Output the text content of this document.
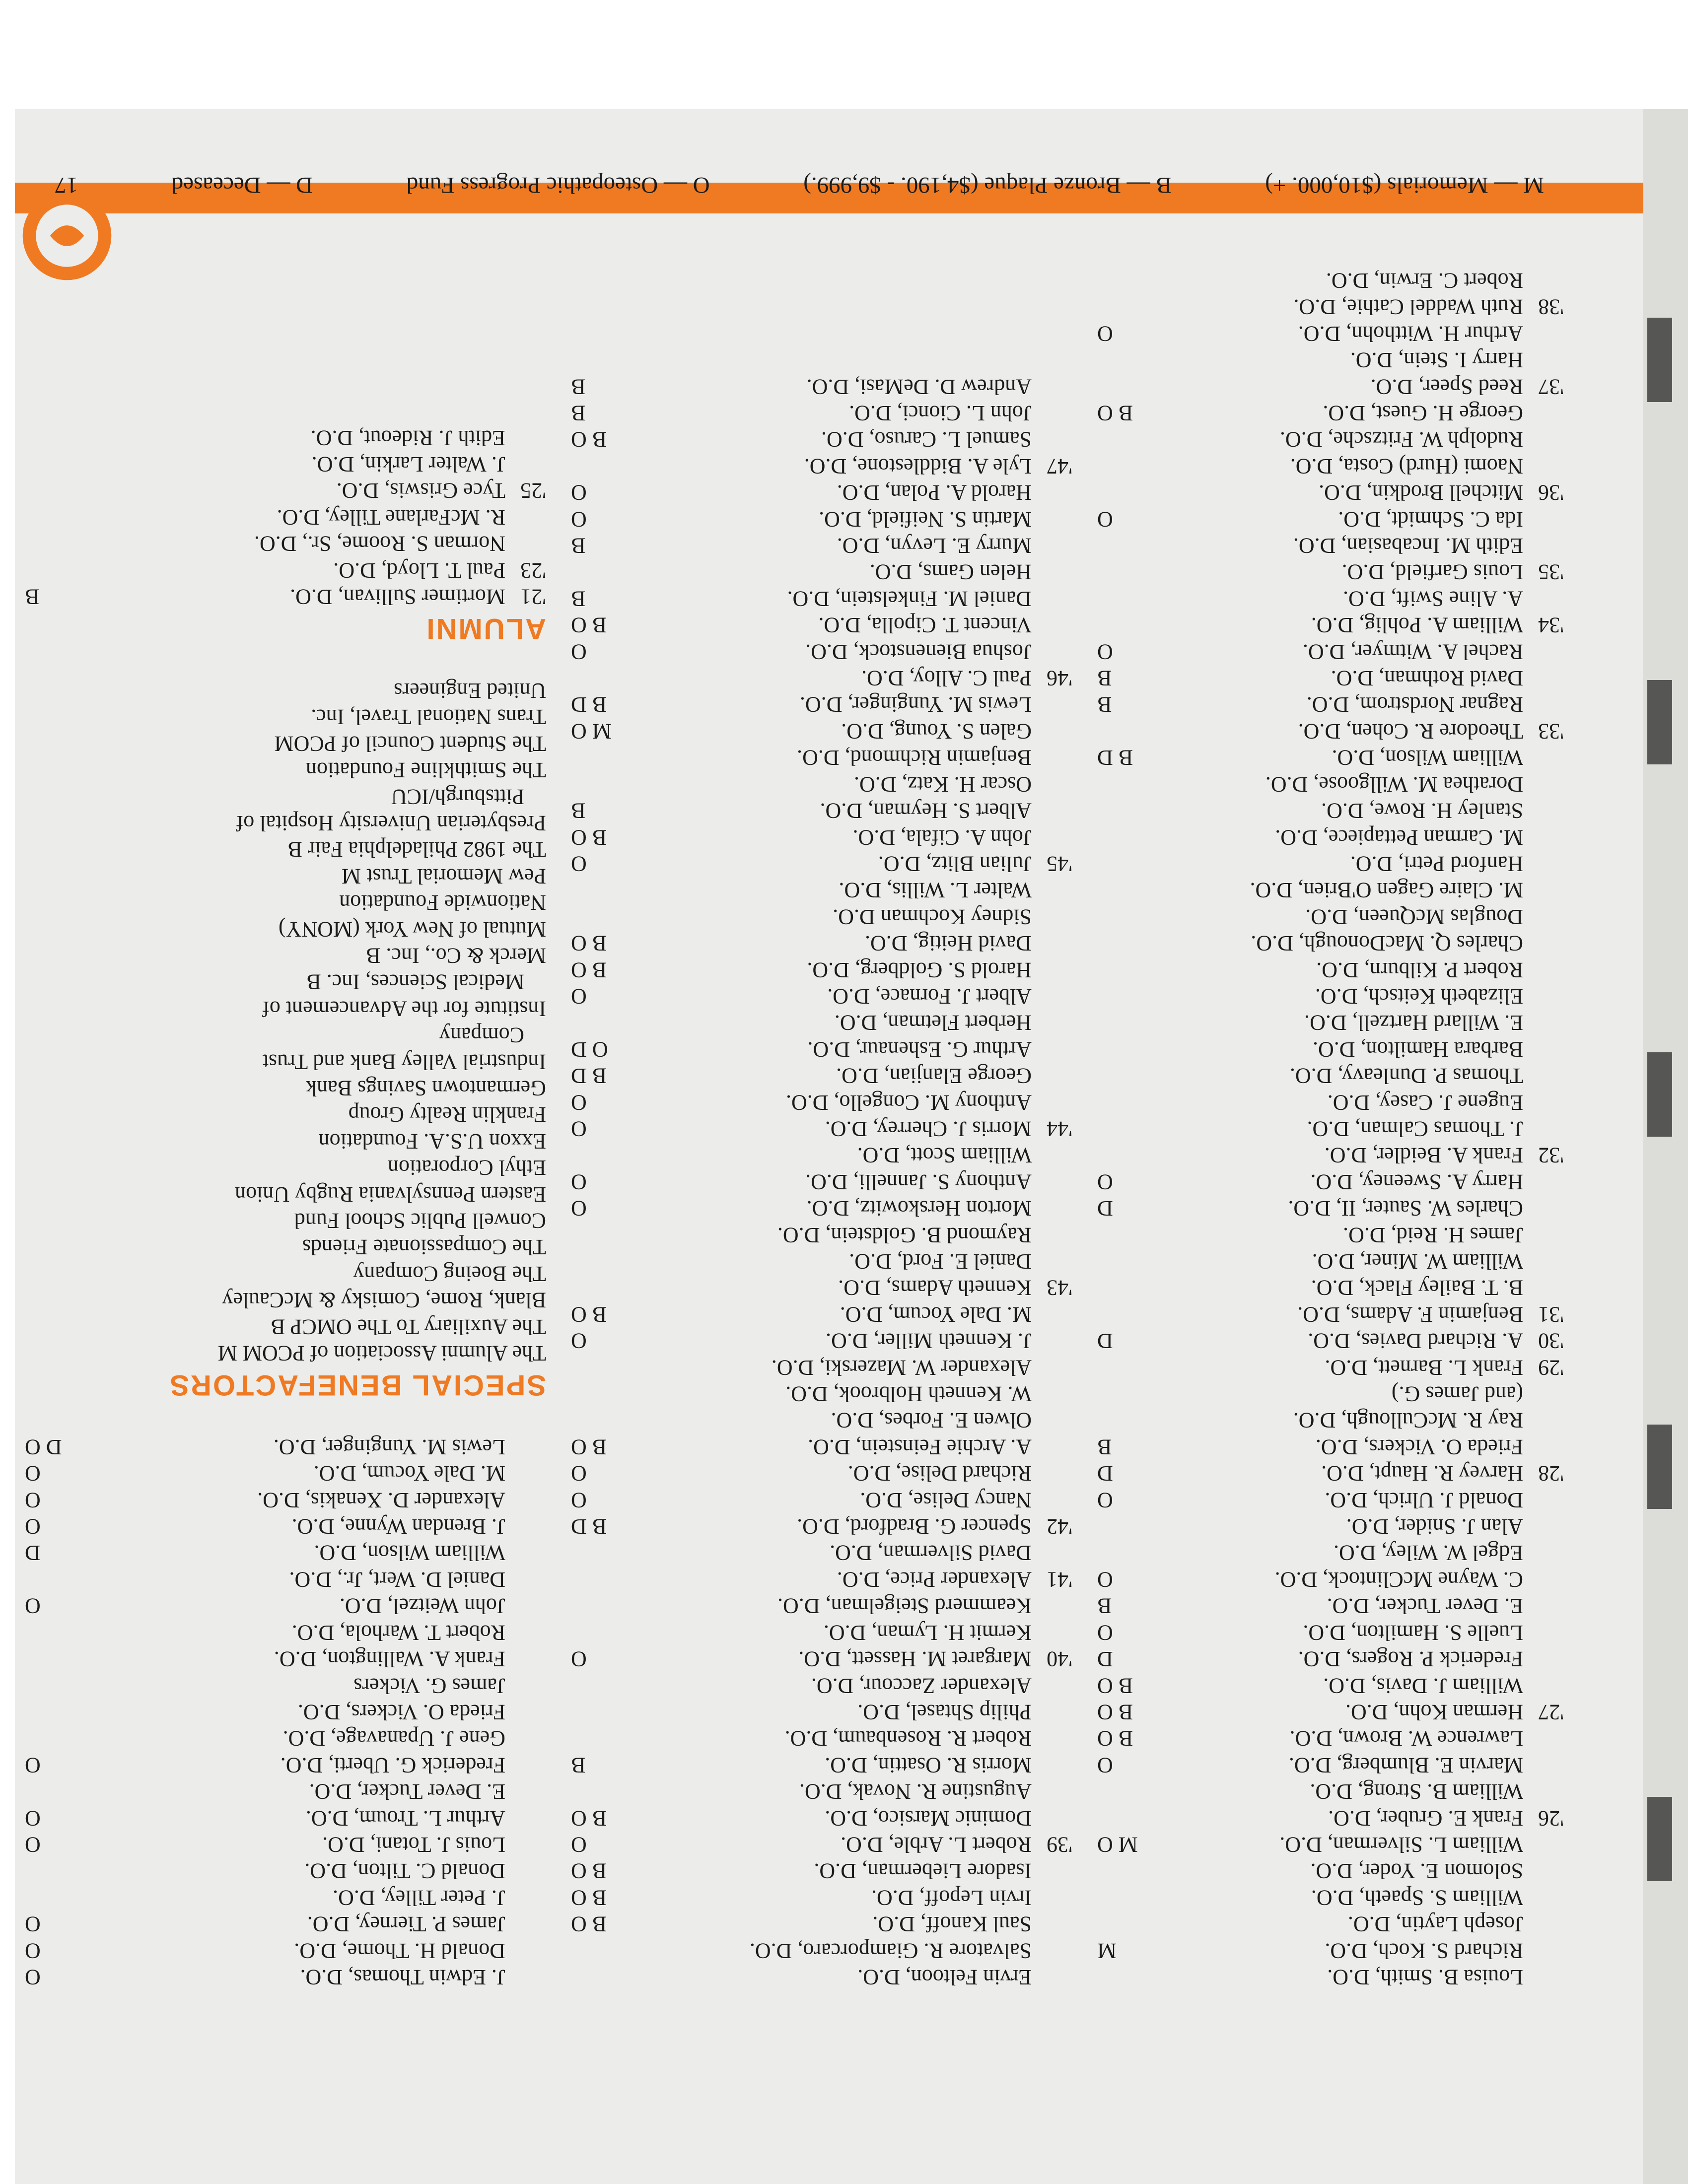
Louisa B. Smith, D.O.
Richard S. Koch, D.O.
M
Joseph Laytin, D.O.
William S. Spaeth, D.O.
Solomon E. Yoder, D.O.
William L. Silverman, D.O.
M O
'26
Frank E. Gruber, D.O.
William B. Strong, D.O.
Marvin E. Blumberg, D.O.
O
Lawrence W. Brown, D.O.
B O
'27
Herman Kohn, D.O.
B O
William J. Davis, D.O.
B O
Frederick P. Rogers, D.O.
D
Luelle S. Hamilton, D.O.
O
E. Dever Tucker, D.O.
B
C. Wayne McClintock, D.O.
O
Edgel W. Wiley, D.O.
Alan J. Snider, D.O.
Donald J. Ulrich, D.O.
O
'28
Harvey R. Haupt, D.O.
D
Frieda O. Vickers, D.O.
B
Ray R. McCullough, D.O.
(and James G.)
'29
Frank L. Barnett, D.O.
'30
A. Richard Davies, D.O.
D
'31
Benjamin F. Adams, D.O.
B. T. Bailey Flack, D.O.
William W. Miner, D.O.
James H. Reid, D.O.
Charles W. Sauter, II, D.O.
D
Harry A. Sweeney, D.O.
O
'32
Frank A. Beidler, D.O.
J. Thomas Calman, D.O.
Eugene J. Casey, D.O.
Thomas P. Dunleavy, D.O.
Barbara Hamilton, D.O.
E. Willard Hartzell, D.O.
Elizabeth Keitsch, D.O.
Robert P. Kilburn, D.O.
Charles Q. MacDonough, D.O.
Douglas McQueen, D.O.
M. Claire Gagen O'Brien, D.O.
Hanford Petri, D.O.
M. Carman Pettapiece, D.O.
Stanley H. Rowe, D.O.
Dorathea M. Willgoose, D.O.
William Wilson, D.O.
B D
'33
Theodore R. Cohen, D.O.
Ragnar Nordstrom, D.O.
B
David Rothman, D.O.
B
Rachel A. Witmyer, D.O.
O
'34
William A. Pohlig, D.O.
A. Aline Swift, D.O.
'35
Louis Garfield, D.O.
Edith M. Incabasian, D.O.
Ida C. Schmidt, D.O.
O
'36
Mitchell Brodkin, D.O.
Naomi (Hurd) Costa, D.O.
Rudolph W. Fritzsche, D.O.
George H. Guest, D.O.
B O
'37
Reed Speer, D.O.
Harry I. Stein, D.O.
Arthur H. Witthohn, D.O.
O
'38
Ruth Waddel Cathie, D.O.
Robert C. Erwin, D.O.
Ervin Feltoon, D.O.
Salvatore R. Giamporcaro, D.O.
Saul Kanoff, D.O.
B O
Irvin Lepoff, D.O.
B O
Isadore Lieberman, D.O.
B O
'39
Robert L. Arble, D.O.
O
Dominic Marsico, D.O.
B O
Augustine R. Novak, D.O.
Morris R. Osattin, D.O.
B
Robert R. Rosenbaum, D.O.
Philip Shtasel, D.O.
Alexander Zaccour, D.O.
'40
Margaret M. Hassett, D.O.
O
Kermit H. Lyman, D.O.
Keammerd Steigelman, D.O.
'41
Alexander Price, D.O.
David Silverman, D.O.
'42
Spencer G. Bradford, D.O.
B D
Nancy Delise, D.O.
O
Richard Delise, D.O.
O
A. Archie Feinstein, D.O.
B O
Olwen E. Forbes, D.O.
W. Kenneth Holbrook, D.O.
Alexander W. Mazerski, D.O.
J. Kenneth Miller, D.O.
O
M. Dale Yocum, D.O.
B O
'43
Kenneth Adams, D.O.
Daniel E. Ford, D.O.
Raymond B. Goldstein, D.O.
Morton Herskowitz, D.O.
O
Anthony S. Jannelli, D.O.
O
William Scott, D.O.
'44
Morris J. Cherrey, D.O.
O
Anthony M. Congello, D.O.
O
George Elanjian, D.O.
B D
Arthur G. Eshenaur, D.O.
O D
Herbert Fletman, D.O.
Albert J. Fornace, D.O.
O
Harold S. Goldberg, D.O.
B O
David Heitig, D.O.
B O
Sidney Kochman D.O.
Walter L. Willis, D.O.
'45
Julian Blitz, D.O.
O
John A. Cifala, D.O.
B O
Albert S. Heyman, D.O.
B
Oscar H. Katz, D.O.
Benjamin Richmond, D.O.
Galen S. Young, D.O.
M O
Lewis M. Yunginger, D.O.
B D
'46
Paul C. Alloy, D.O.
Joshua Bienenstock, D.O.
O
Vincent T. Cipolla, D.O.
B O
Daniel M. Finkelstein, D.O.
B
Helen Gams, D.O.
Murry E. Levyn, D.O.
B
Martin S. Neifield, D.O.
O
Harold A. Polan, D.O.
O
'47
Lyle A. Biddlestone, D.O.
Samuel L. Caruso, D.O.
B O
John L. Cionci, D.O.
B
Andrew D. DeMasi, D.O.
B
J. Edwin Thomas, D.O.
O
Donald H. Thome, D.O.
O
James P. Tierney, D.O.
O
J. Peter Tilley, D.O.
Donald C. Tilton, D.O.
Louis J. Totani, D.O.
O
Arthur L. Troum, D.O.
O
E. Dever Tucker, D.O.
Frederick G. Uberti, D.O.
O
Gene J. Upanavage, D.O.
Frieda O. Vickers, D.O.
James G. Vickers
Frank A. Wallington, D.O.
Robert T. Warhola, D.O.
John Weitzel, D.O.
O
Daniel D. Wert, Jr., D.O.
William Wilson, D.O.
D
J. Brendan Wynne, D.O.
O
Alexander D. Xenakis, D.O.
O
M. Dale Yocum, D.O.
O
Lewis M. Yunginger, D.O.
D O
SPECIAL BENEFACTORS
The Alumni Association of PCOM M
The Auxiliary To The OMCP B
Blank, Rome, Comisky & McCauley
The Boeing Company
The Compassionate Friends
Conwell Public School Fund
Eastern Pennsylvania Rugby Union
Ethyl Corporation
Exxon U.S.A. Foundation
Franklin Realty Group
Germantown Savings Bank
Industrial Valley Bank and Trust
Company
Institute for the Advancement of
Medical Sciences, Inc. B
Merck & Co., Inc. B
Mutual of New York (MONY)
Nationwide Foundation
Pew Memorial Trust M
The 1982 Philadelphia Fair B
Presbyterian University Hospital of
Pittsburgh/ICU
The Smithkline Foundation
The Student Council of PCOM
Trans National Travel, Inc.
United Engineers
ALUMNI
'21
Mortimer Sullivan, D.O.
B
'23
Paul T. Lloyd, D.O.
Norman S. Roome, Sr., D.O.
R. McFarlane Tilley, D.O.
'25
Tyce Griswis, D.O.
J. Walter Larkin, D.O.
Edith J. Rideout, D.O.
M — Memorials ($10,000. +)
B — Bronze Plaque ($4,190. - $9,999.)
O — Osteopathic Progress Fund
D — Deceased
17
